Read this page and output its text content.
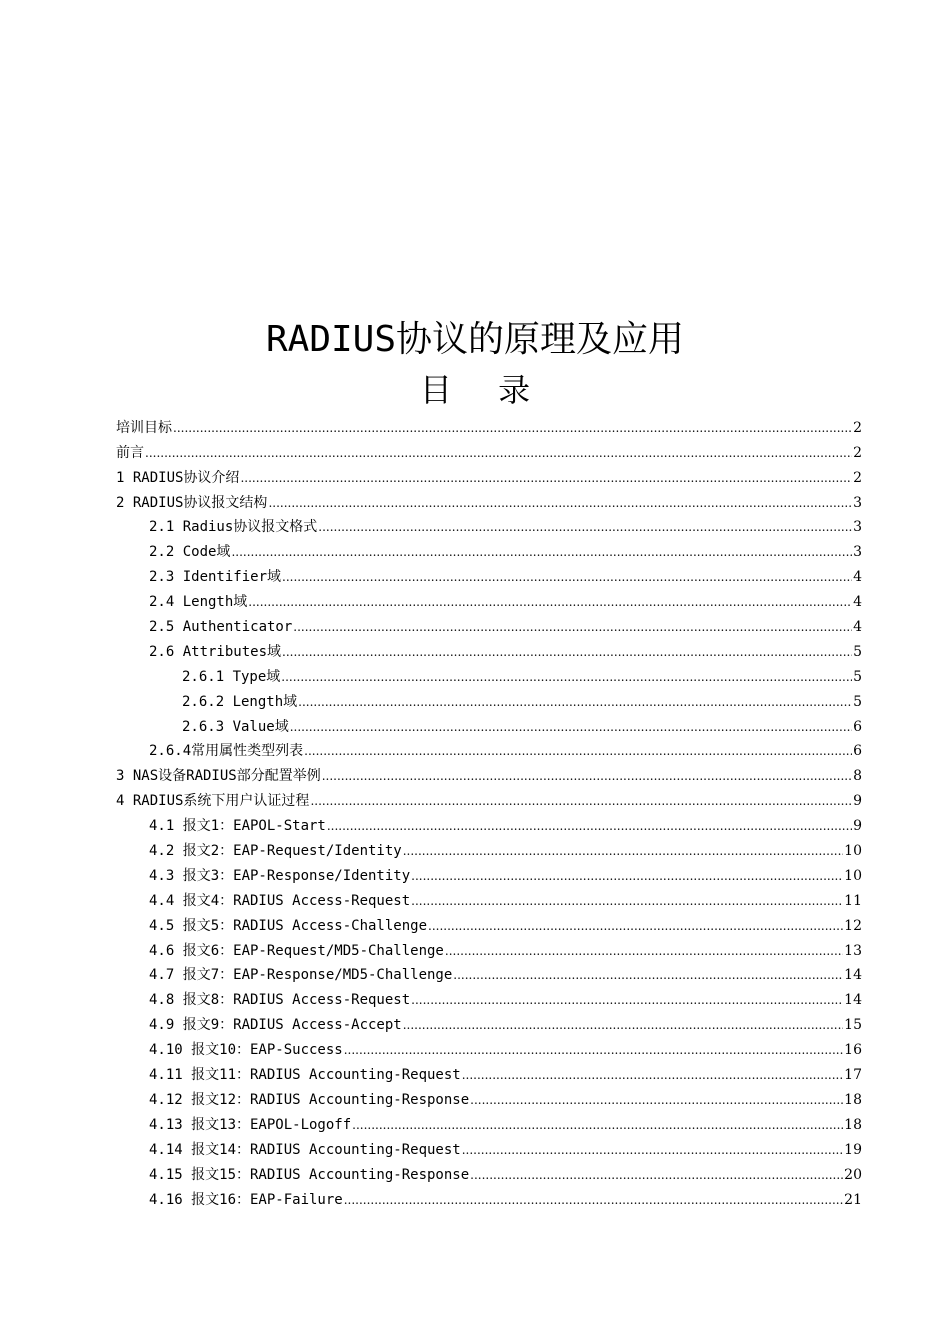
RADIUS协议的原理及应用
目 录
培训目标 .....	2
前言 .....	2
1 RADIUS协议介绍 .....	2
2 RADIUS协议报文结构 .....	3
2.1 Radius协议报文格式 .....	3
2.2 Code域 .....	3
2.3 Identifier域 .....	4
2.4 Length域 .....	4
2.5 Authenticator .....	4
2.6 Attributes域 .....	5
2.6.1 Type域 .....	5
2.6.2 Length域 .....	5
2.6.3 Value域 .....	6
2.6.4常用属性类型列表 .....	6
3 NAS设备RADIUS部分配置举例 .....	8
4 RADIUS系统下用户认证过程 .....	9
4.1 报文1：EAPOL-Start .....	9
4.2 报文2：EAP-Request/Identity .....	10
4.3 报文3：EAP-Response/Identity .....	10
4.4 报文4：RADIUS Access-Request .....	11
4.5 报文5：RADIUS Access-Challenge .....	12
4.6 报文6：EAP-Request/MD5-Challenge .....	13
4.7 报文7：EAP-Response/MD5-Challenge .....	14
4.8 报文8：RADIUS Access-Request .....	14
4.9 报文9：RADIUS Access-Accept .....	15
4.10 报文10：EAP-Success .....	16
4.11 报文11：RADIUS Accounting-Request .....	17
4.12 报文12：RADIUS Accounting-Response .....	18
4.13 报文13：EAPOL-Logoff .....	18
4.14 报文14：RADIUS Accounting-Request .....	19
4.15 报文15：RADIUS Accounting-Response .....	20
4.16 报文16：EAP-Failure .....	21
